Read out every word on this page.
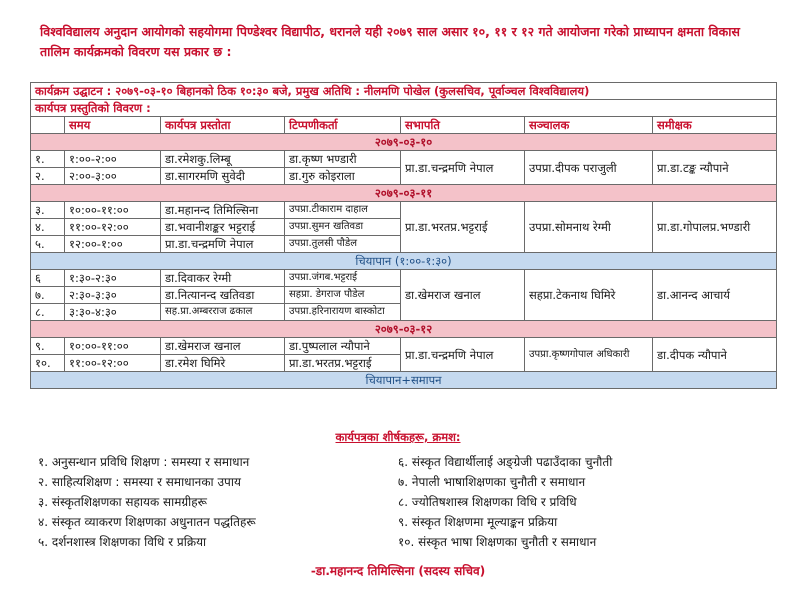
विश्वविद्यालय अनुदान आयोगको सहयोगमा पिण्डेश्वर विद्यापीठ, धरानले यही २०७९ साल असार १०, ११ र १२ गते आयोजना गरेको प्राध्यापन क्षमता विकास तालिम कार्यक्रमको विवरण यस प्रकार छ :
कार्यक्रम उद्घाटन : २०७९-०३-१० बिहानको ठिक १०:३० बजे, प्रमुख अतिथि : नीलमणि पोखेल (कुलसचिव, पूर्वाञ्चल विश्वविद्यालय)						
कार्यपत्र प्रस्तुतिको विवरण :						
	समय	कार्यपत्र प्रस्तोता	टिप्पणीकर्ता	सभापति	सञ्चालक	समीक्षक
२०७९-०३-१०						
१.	१:००-२:००	डा.रमेशकु.लिम्बू	डा.कृष्ण भण्डारी	प्रा.डा.चन्द्रमणि नेपाल	उपप्रा.दीपक पराजुली	प्रा.डा.टङ्क न्यौपाने
२.	२:००-३:००	डा.सागरमणि सुवेदी	डा.गुरु कोइराला			
२०७९-०३-११						
३.	१०:००-११:००	डा.महानन्द तिमिल्सिना	उपप्रा.टीकाराम दाहाल	प्रा.डा.भरतप्र.भट्टराई	उपप्रा.सोमनाथ रेग्मी	प्रा.डा.गोपालप्र.भण्डारी
४.	११:००-१२:००	डा.भवानीशङ्कर भट्टराई	उपप्रा.सुमन खतिवडा			
५.	१२:००-१:००	प्रा.डा.चन्द्रमणि नेपाल	उपप्रा.तुलसी पौडेल			
चियापान (१:००-१:३०)						
६	१:३०-२:३०	डा.दिवाकर रेग्मी	उपप्रा.जंगब.भट्टराई	डा.खेमराज खनाल	सहप्रा.टेकनाथ घिमिरे	डा.आनन्द आचार्य
७.	२:३०-३:३०	डा.नित्यानन्द खतिवडा	सहप्रा. डेगराज पौडेल			
८.	३:३०-४:३०	सह.प्रा.अम्बरराज ढकाल	उपप्रा.हरिनारायण बास्कोटा			
२०७९-०३-१२						
९.	१०:००-११:००	डा.खेमराज खनाल	डा.पुष्पलाल न्यौपाने	प्रा.डा.चन्द्रमणि नेपाल	उपप्रा.कृष्णगोपाल अधिकारी	डा.दीपक न्यौपाने
१०.	११:००-१२:००	डा.रमेश घिमिरे	प्रा.डा.भरतप्र.भट्टराई			
चियापान+समापन						
कार्यपत्रका शीर्षकहरू, क्रमश:
१. अनुसन्धान प्रविधि शिक्षण : समस्या र समाधान
२. साहित्यशिक्षण : समस्या र समाधानका उपाय
३. संस्कृतशिक्षणका सहायक सामग्रीहरू
४. संस्कृत व्याकरण शिक्षणका अधुनातन पद्धतिहरू
५. दर्शनशास्त्र शिक्षणका विधि र प्रक्रिया
६. संस्कृत विद्यार्थीलाई अङ्ग्रेजी पढाउँदाका चुनौती
७. नेपाली भाषाशिक्षणका चुनौती र समाधान
८. ज्योतिषशास्त्र शिक्षणका विधि र प्रविधि
९. संस्कृत शिक्षणमा मूल्याङ्कन प्रक्रिया
१०. संस्कृत भाषा शिक्षणका चुनौती र समाधान
-डा.महानन्द तिमिल्सिना (सदस्य सचिव)
